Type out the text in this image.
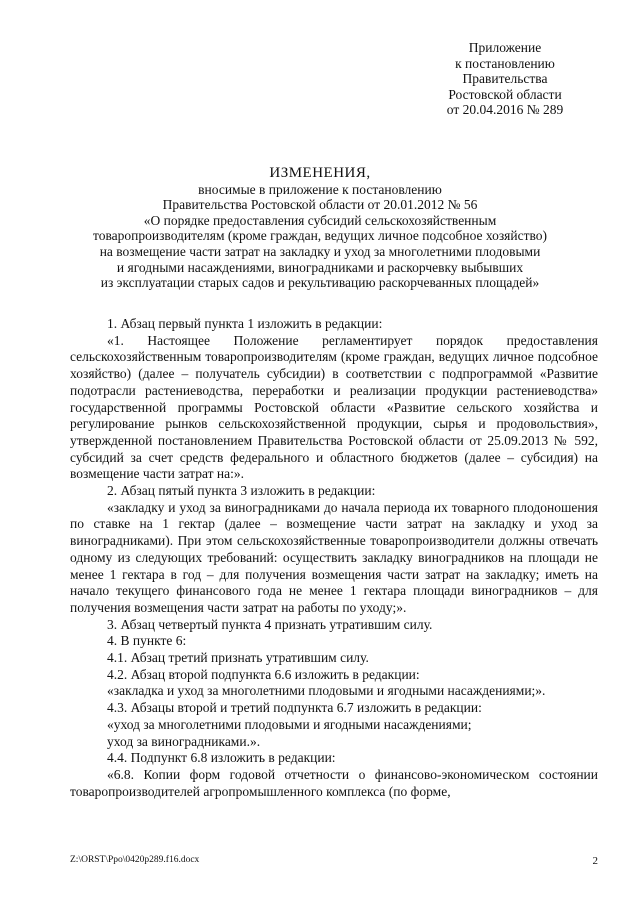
Приложение
к постановлению
Правительства
Ростовской области
от 20.04.2016 № 289
ИЗМЕНЕНИЯ,
вносимые в приложение к постановлению
Правительства Ростовской области от 20.01.2012 № 56
«О порядке предоставления субсидий сельскохозяйственным
товаропроизводителям (кроме граждан, ведущих личное подсобное хозяйство)
на возмещение части затрат на закладку и уход за многолетними плодовыми
и ягодными насаждениями, виноградниками и раскорчевку выбывших
из эксплуатации старых садов и рекультивацию раскорчеванных площадей»

1. Абзац первый пункта 1 изложить в редакции:

«1. Настоящее Положение регламентирует порядок предоставления сельскохозяйственным товаропроизводителям (кроме граждан, ведущих личное подсобное хозяйство) (далее – получатель субсидии) в соответствии с подпрограммой «Развитие подотрасли растениеводства, переработки и реализации продукции растениеводства» государственной программы Ростовской области «Развитие сельского хозяйства и регулирование рынков сельскохозяйственной продукции, сырья и продовольствия», утвержденной постановлением Правительства Ростовской области от 25.09.2013 № 592, субсидий за счет средств федерального и областного бюджетов (далее – субсидия) на возмещение части затрат на:».

2. Абзац пятый пункта 3 изложить в редакции:

«закладку и уход за виноградниками до начала периода их товарного плодоношения по ставке на 1 гектар (далее – возмещение части затрат на закладку и уход за виноградниками). При этом сельскохозяйственные товаропроизводители должны отвечать одному из следующих требований: осуществить закладку виноградников на площади не менее 1 гектара в год – для получения возмещения части затрат на закладку; иметь на начало текущего финансового года не менее 1 гектара площади виноградников – для получения возмещения части затрат на работы по уходу;».

3. Абзац четвертый пункта 4 признать утратившим силу.

4. В пункте 6:

4.1. Абзац третий признать утратившим силу.

4.2. Абзац второй подпункта 6.6 изложить в редакции:

«закладка и уход за многолетними плодовыми и ягодными насаждениями;».

4.3. Абзацы второй и третий подпункта 6.7 изложить в редакции:

«уход за многолетними плодовыми и ягодными насаждениями;

уход за виноградниками.».

4.4. Подпункт 6.8 изложить в редакции:

«6.8. Копии форм годовой отчетности о финансово-экономическом состоянии товаропроизводителей агропромышленного комплекса (по форме,

Z:\ORST\Ppo\0420p289.f16.docx	2
